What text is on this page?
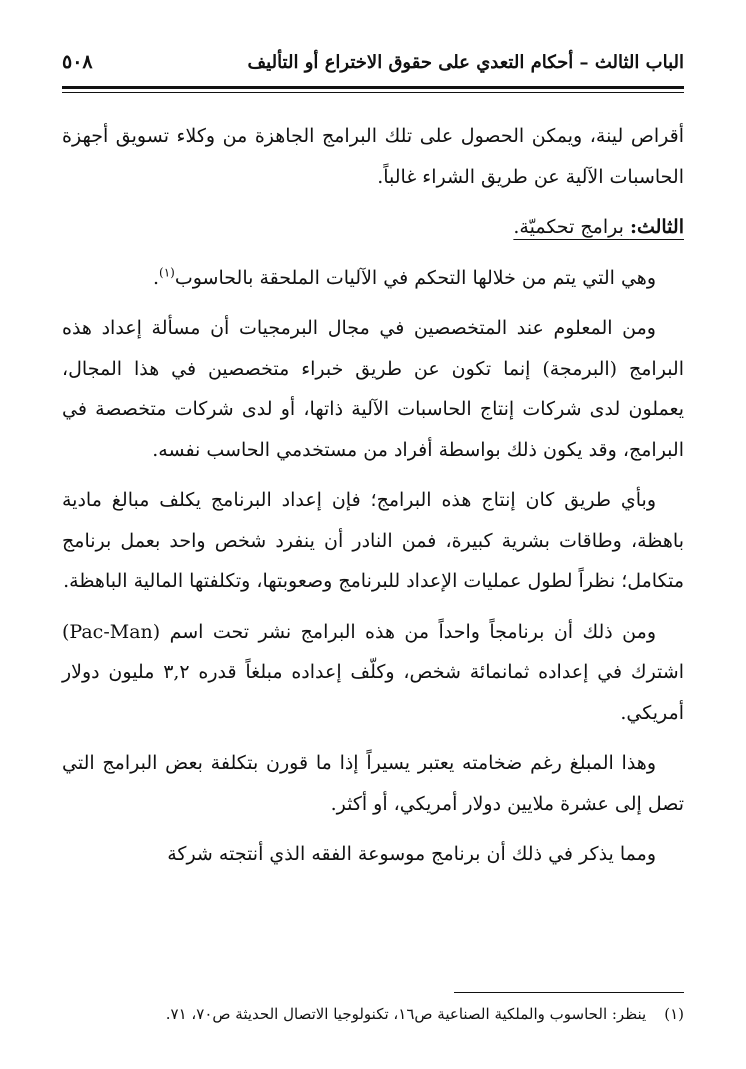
الباب الثالث – أحكام التعدي على حقوق الاختراع أو التأليف
٥٠٨

أقراص لينة، ويمكن الحصول على تلك البرامج الجاهزة من وكلاء تسويق أجهزة الحاسبات الآلية عن طريق الشراء غالباً.

الثالث: برامج تحكميّة.

وهي التي يتم من خلالها التحكم في الآليات الملحقة بالحاسوب$^{(١)}$.

ومن المعلوم عند المتخصصين في مجال البرمجيات أن مسألة إعداد هذه البرامج (البرمجة) إنما تكون عن طريق خبراء متخصصين في هذا المجال، يعملون لدى شركات إنتاج الحاسبات الآلية ذاتها، أو لدى شركات متخصصة في البرامج، وقد يكون ذلك بواسطة أفراد من مستخدمي الحاسب نفسه.

وبأي طريق كان إنتاج هذه البرامج؛ فإن إعداد البرنامج يكلف مبالغ مادية باهظة، وطاقات بشرية كبيرة، فمن النادر أن ينفرد شخص واحد بعمل برنامج متكامل؛ نظراً لطول عمليات الإعداد للبرنامج وصعوبتها، وتكلفتها المالية الباهظة.

ومن ذلك أن برنامجاً واحداً من هذه البرامج نشر تحت اسم (Pac-Man) اشترك في إعداده ثمانمائة شخص، وكلّف إعداده مبلغاً قدره ٣,٢ مليون دولار أمريكي.

وهذا المبلغ رغم ضخامته يعتبر يسيراً إذا ما قورن بتكلفة بعض البرامج التي تصل إلى عشرة ملايين دولار أمريكي، أو أكثر.

ومما يذكر في ذلك أن برنامج موسوعة الفقه الذي أنتجته شركة

(١)ينظر: الحاسوب والملكية الصناعية ص١٦، تكنولوجيا الاتصال الحديثة ص٧٠، ٧١.
